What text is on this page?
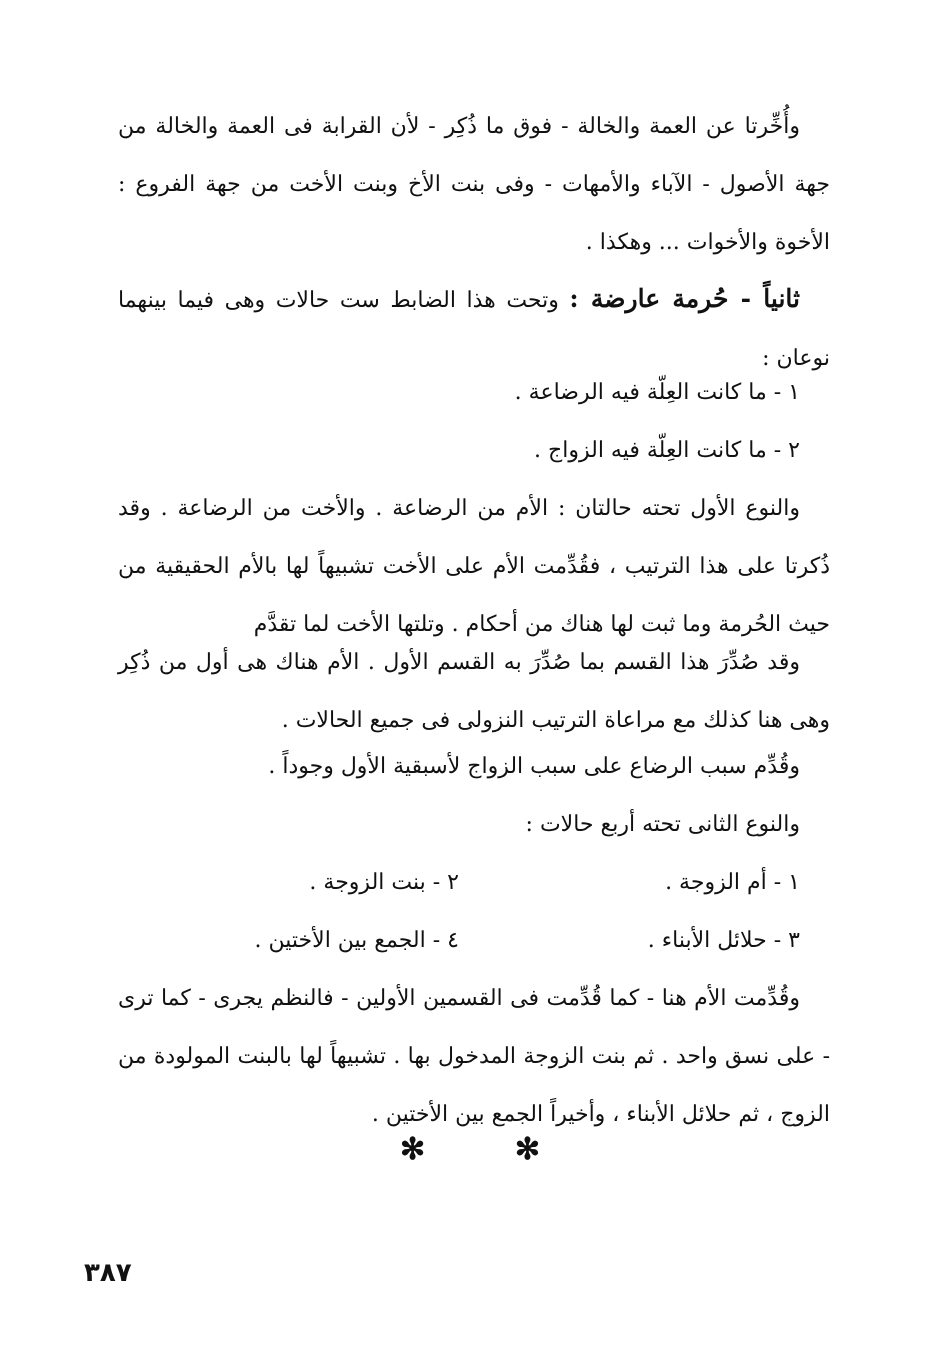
وأُخِّرتا عن العمة والخالة - فوق ما ذُكِر - لأن القرابة فى العمة والخالة من جهة الأصول - الآباء والأمهات - وفى بنت الأخ وبنت الأخت من جهة الفروع : الأخوة والأخوات ... وهكذا .

ثانياً - حُرمة عارضة : وتحت هذا الضابط ست حالات وهى فيما بينهما نوعان :

١ - ما كانت العِلّة فيه الرضاعة .

٢ - ما كانت العِلّة فيه الزواج .

والنوع الأول تحته حالتان : الأم من الرضاعة . والأخت من الرضاعة . وقد ذُكرتا على هذا الترتيب ، فقُدِّمت الأم على الأخت تشبيهاً لها بالأم الحقيقية من حيث الحُرمة وما ثبت لها هناك من أحكام . وتلتها الأخت لما تقدَّم

وقد صُدِّرَ هذا القسم بما صُدِّرَ به القسم الأول . الأم هناك هى أول من ذُكِر وهى هنا كذلك مع مراعاة الترتيب النزولى فى جميع الحالات .

وقُدِّم سبب الرضاع على سبب الزواج لأسبقية الأول وجوداً .

والنوع الثانى تحته أربع حالات :

١ - أم الزوجة .
٢ - بنت الزوجة .
٣ - حلائل الأبناء .
٤ - الجمع بين الأختين .

وقُدِّمت الأم هنا - كما قُدِّمت فى القسمين الأولين - فالنظم يجرى - كما ترى - على نسق واحد . ثم بنت الزوجة المدخول بها . تشبيهاً لها بالبنت المولودة من الزوج ، ثم حلائل الأبناء ، وأخيراً الجمع بين الأختين .

✻	✻
٣٨٧
